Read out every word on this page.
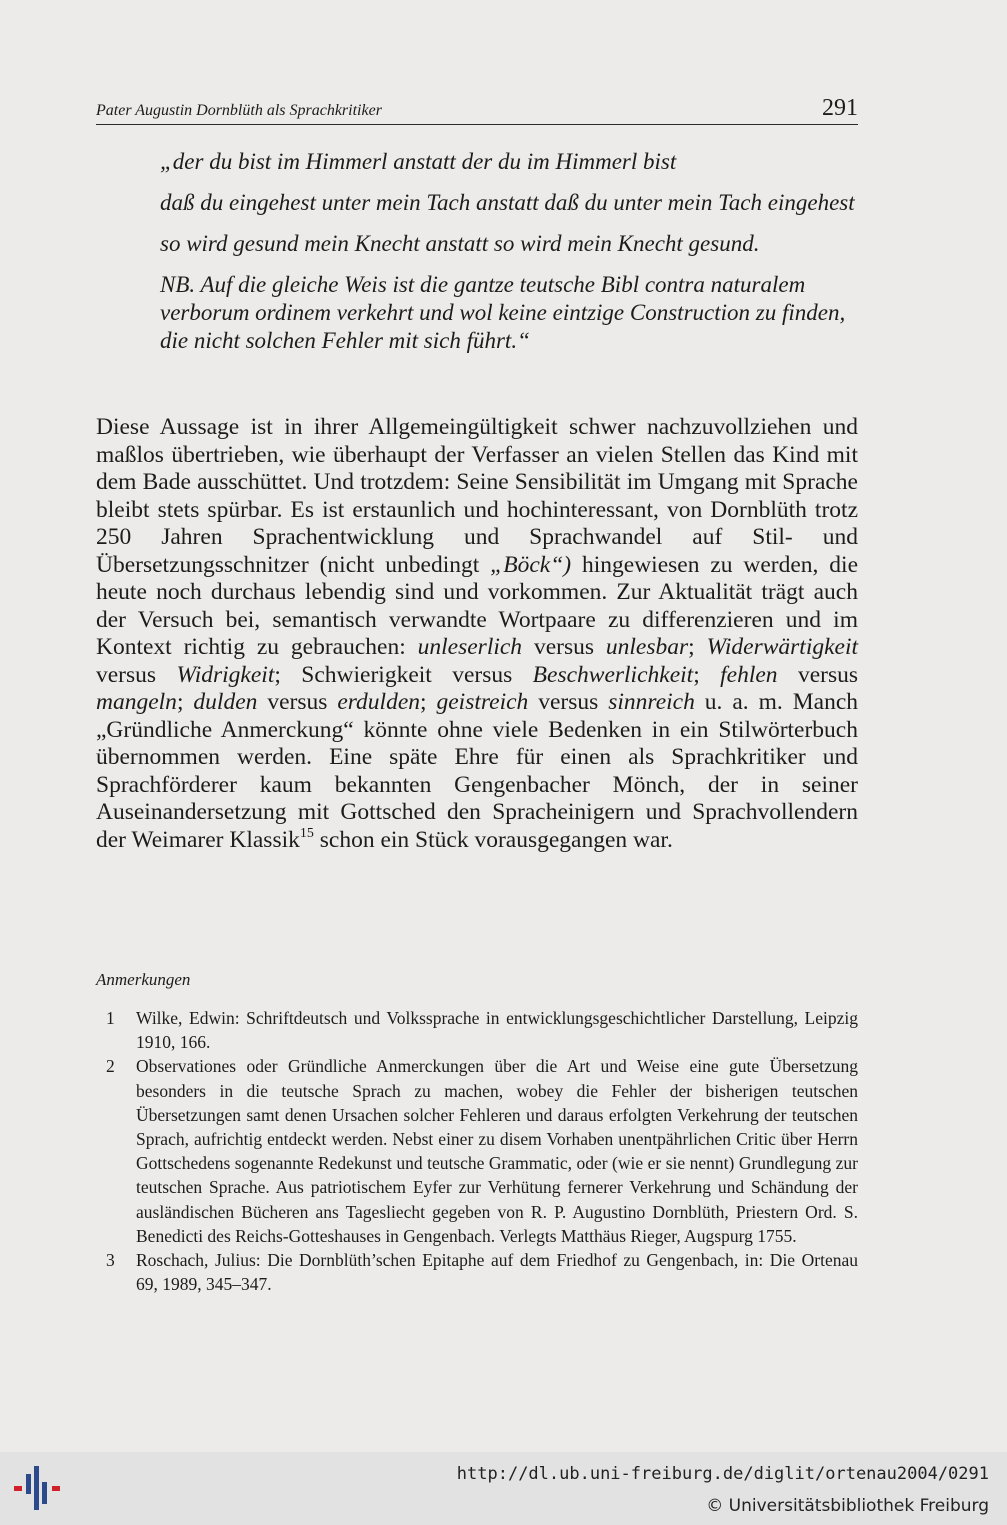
Pater Augustin Dornblüth als Sprachkritiker	291

„der du bist im Himmerl anstatt der du im Himmerl bist

daß du eingehest unter mein Tach anstatt daß du unter mein Tach eingehest

so wird gesund mein Knecht anstatt so wird mein Knecht gesund.

NB. Auf die gleiche Weis ist die gantze teutsche Bibl contra naturalem verborum ordinem verkehrt und wol keine eintzige Construction zu finden, die nicht solchen Fehler mit sich führt.“

Diese Aussage ist in ihrer Allgemeingültigkeit schwer nachzuvollziehen und maßlos übertrieben, wie überhaupt der Verfasser an vielen Stellen das Kind mit dem Bade ausschüttet. Und trotzdem: Seine Sensibilität im Umgang mit Sprache bleibt stets spürbar. Es ist erstaunlich und hochinteressant, von Dornblüth trotz 250 Jahren Sprachentwicklung und Sprachwandel auf Stil- und Übersetzungsschnitzer (nicht unbedingt „Böck“) hingewiesen zu werden, die heute noch durchaus lebendig sind und vorkommen. Zur Aktualität trägt auch der Versuch bei, semantisch verwandte Wortpaare zu differenzieren und im Kontext richtig zu gebrauchen: unleserlich versus unlesbar; Widerwärtigkeit versus Widrigkeit; Schwierigkeit versus Beschwerlichkeit; fehlen versus mangeln; dulden versus erdulden; geistreich versus sinnreich u. a. m. Manch „Gründliche Anmerckung“ könnte ohne viele Bedenken in ein Stilwörterbuch übernommen werden. Eine späte Ehre für einen als Sprachkritiker und Sprachförderer kaum bekannten Gengenbacher Mönch, der in seiner Auseinandersetzung mit Gottsched den Spracheinigern und Sprachvollendern der Weimarer Klassik$^{15}$ schon ein Stück vorausgegangen war.

Anmerkungen
1 Wilke, Edwin: Schriftdeutsch und Volkssprache in entwicklungsgeschichtlicher Darstellung, Leipzig 1910, 166.
2 Observationes oder Gründliche Anmerckungen über die Art und Weise eine gute Übersetzung besonders in die teutsche Sprach zu machen, wobey die Fehler der bisherigen teutschen Übersetzungen samt denen Ursachen solcher Fehleren und daraus erfolgten Verkehrung der teutschen Sprach, aufrichtig entdeckt werden. Nebst einer zu disem Vorhaben unentpährlichen Critic über Herrn Gottschedens sogenannte Redekunst und teutsche Grammatic, oder (wie er sie nennt) Grundlegung zur teutschen Sprache. Aus patriotischem Eyfer zur Verhütung fernerer Verkehrung und Schändung der ausländischen Bücheren ans Tagesliecht gegeben von R. P. Augustino Dornblüth, Priestern Ord. S. Benedicti des Reichs-Gotteshauses in Gengenbach. Verlegts Matthäus Rieger, Augspurg 1755.
3 Roschach, Julius: Die Dornblüth’schen Epitaphe auf dem Friedhof zu Gengenbach, in: Die Ortenau 69, 1989, 345–347.
http://dl.ub.uni-freiburg.de/diglit/ortenau2004/0291
© Universitätsbibliothek Freiburg
